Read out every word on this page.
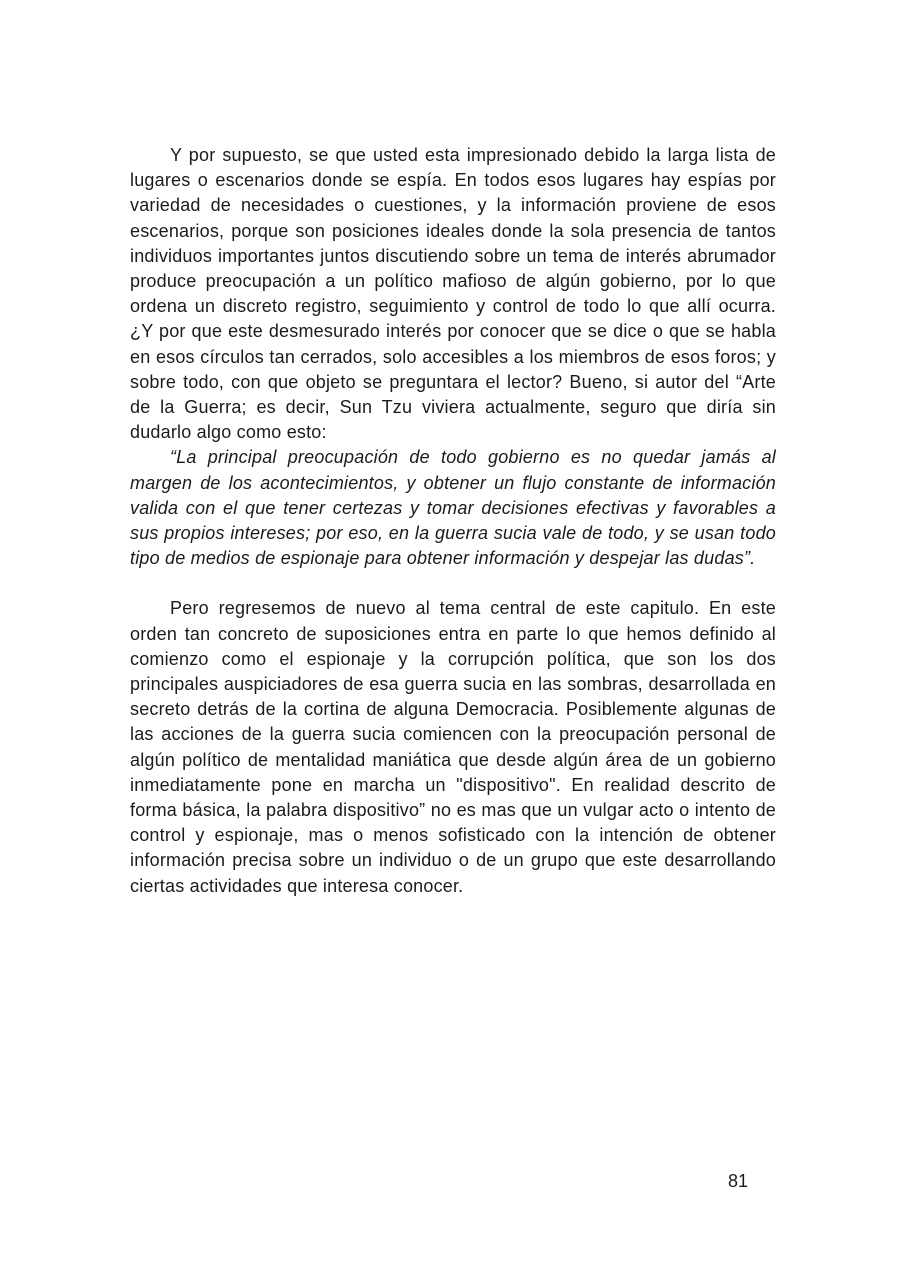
Y por supuesto, se que usted esta impresionado debido la larga lista de lugares o escenarios donde se espía. En todos esos lugares hay espías por variedad de necesidades o cuestiones, y la información proviene de esos escenarios, porque son posiciones ideales donde la sola presencia de tantos individuos importantes juntos discutiendo sobre un tema de interés abrumador produce preocupación a un político mafioso de algún gobierno, por lo que ordena un discreto registro, seguimiento y control de todo lo que allí ocurra. ¿Y por que este desmesurado interés por conocer que se dice o que se habla en esos círculos tan cerrados, solo accesibles a los miembros de esos foros; y sobre todo, con que objeto se preguntara el lector? Bueno, si autor del “Arte de la Guerra; es decir, Sun Tzu viviera actualmente, seguro que diría sin dudarlo algo como esto:

“La principal preocupación de todo gobierno es no quedar jamás al margen de los acontecimientos, y obtener un flujo constante de información valida con el que tener certezas y tomar decisiones efectivas y favorables a sus propios intereses; por eso, en la guerra sucia vale de todo, y se usan todo tipo de medios de espionaje para obtener información y despejar las dudas”.

Pero regresemos de nuevo al tema central de este capitulo. En este orden tan concreto de suposiciones entra en parte lo que hemos definido al comienzo como el espionaje y la corrupción política, que son los dos principales auspiciadores de esa guerra sucia en las sombras, desarrollada en secreto detrás de la cortina de alguna Democracia. Posiblemente algunas de las acciones de la guerra sucia comiencen con la preocupación personal de algún político de mentalidad maniática que desde algún área de un gobierno inmediatamente pone en marcha un "dispositivo". En realidad descrito de forma básica, la palabra dispositivo” no es mas que un vulgar acto o intento de control y espionaje, mas o menos sofisticado con la intención de obtener información precisa sobre un individuo o de un grupo que este desarrollando ciertas actividades que interesa conocer.

81
